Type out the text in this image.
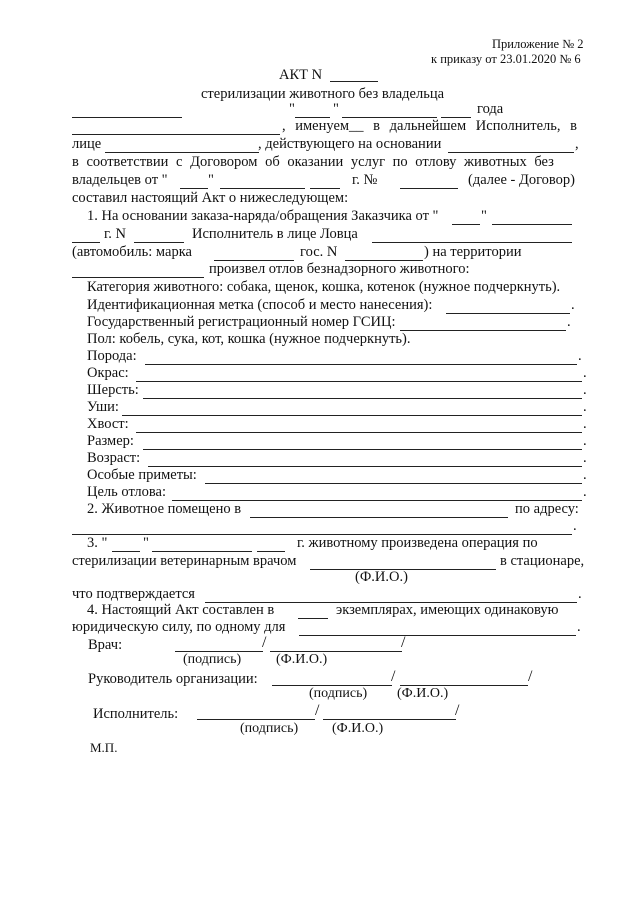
Приложение № 2
к приказу от 23.01.2020 № 6
АКТ N
стерилизации животного без владельца
"	"	года
, именуем__ в дальнейшем Исполнитель, в
лице	, действующего на основании	,
в соответствии с Договором об оказании услуг по отлову животных без
владельцев от "	"	г. №	(далее - Договор)
составил настоящий Акт о нижеследующем:
1. На основании заказа-наряда/обращения Заказчика от "	"
г. N	Исполнитель в лице Ловца
(автомобиль: марка	гос. N	) на территории
произвел отлов безнадзорного животного:
Категория животного: собака, щенок, кошка, котенок (нужное подчеркнуть).
Идентификационная метка (способ и место нанесения):	.
Государственный регистрационный номер ГСИЦ:	.
Пол: кобель, сука, кот, кошка (нужное подчеркнуть).
Порода:	.
Окрас:	.
Шерсть:	.
Уши:	.
Хвост:	.
Размер:	.
Возраст:	.
Особые приметы:	.
Цель отлова:	.
2. Животное помещено в	по адресу:
.
3. " "	г. животному произведена операция по
стерилизации ветеринарным врачом	в стационаре,
(Ф.И.О.)
что подтверждается	.
4. Настоящий Акт составлен в	экземплярах, имеющих одинаковую
юридическую силу, по одному для	.
Врач:	/	/
(подпись) (Ф.И.О.)
Руководитель организации:	/	/
(подпись) (Ф.И.О.)
Исполнитель:	/	/
(подпись) (Ф.И.О.)
М.П.
